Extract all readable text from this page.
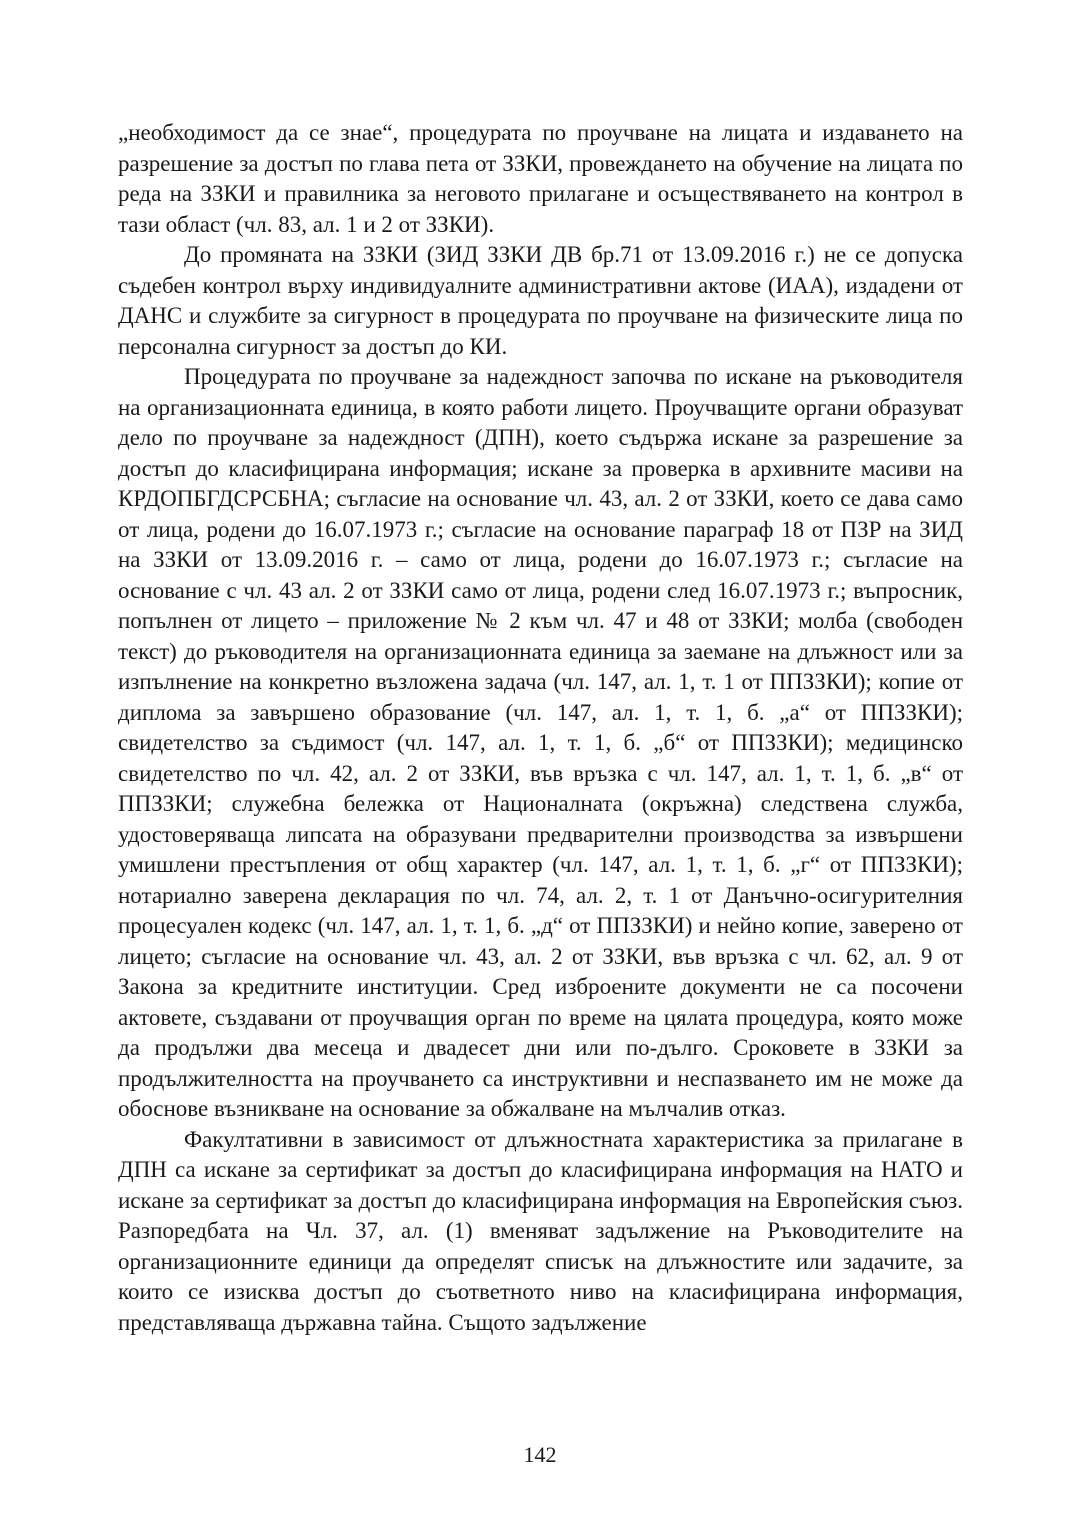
„необходимост да се знае“, процедурата по проучване на лицата и издаването на разрешение за достъп по глава пета от ЗЗКИ, провеждането на обучение на лицата по реда на ЗЗКИ и правилника за неговото прилагане и осъществяването на контрол в тази област (чл. 83, ал. 1 и 2 от ЗЗКИ).

До промяната на ЗЗКИ (ЗИД ЗЗКИ ДВ бр.71 от 13.09.2016 г.) не се допуска съдебен контрол върху индивидуалните административни актове (ИАА), издадени от ДАНС и службите за сигурност в процедурата по проучване на физическите лица по персонална сигурност за достъп до КИ.

Процедурата по проучване за надеждност започва по искане на ръководителя на организационната единица, в която работи лицето. Проучващите органи образуват дело по проучване за надеждност (ДПН), което съдържа искане за разрешение за достъп до класифицирана информация; искане за проверка в архивните масиви на КРДОПБГДСРСБНА; съгласие на основание чл. 43, ал. 2 от ЗЗКИ, което се дава само от лица, родени до 16.07.1973 г.; съгласие на основание параграф 18 от ПЗР на ЗИД на ЗЗКИ от 13.09.2016 г. – само от лица, родени до 16.07.1973 г.; съгласие на основание с чл. 43 ал. 2 от ЗЗКИ само от лица, родени след 16.07.1973 г.; въпросник, попълнен от лицето – приложение № 2 към чл. 47 и 48 от ЗЗКИ; молба (свободен текст) до ръководителя на организационната единица за заемане на длъжност или за изпълнение на конкретно възложена задача (чл. 147, ал. 1, т. 1 от ППЗЗКИ); копие от диплома за завършено образование (чл. 147, ал. 1, т. 1, б. „а“ от ППЗЗКИ); свидетелство за съдимост (чл. 147, ал. 1, т. 1, б. „б“ от ППЗЗКИ); медицинско свидетелство по чл. 42, ал. 2 от ЗЗКИ, във връзка с чл. 147, ал. 1, т. 1, б. „в“ от ППЗЗКИ; служебна бележка от Националната (окръжна) следствена служба, удостоверяваща липсата на образувани предварителни производства за извършени умишлени престъпления от общ характер (чл. 147, ал. 1, т. 1, б. „г“ от ППЗЗКИ); нотариално заверена декларация по чл. 74, ал. 2, т. 1 от Данъчно-осигурителния процесуален кодекс (чл. 147, ал. 1, т. 1, б. „д“ от ППЗЗКИ) и нейно копие, заверено от лицето; съгласие на основание чл. 43, ал. 2 от ЗЗКИ, във връзка с чл. 62, ал. 9 от Закона за кредитните институции. Сред изброените документи не са посочени актовете, създавани от проучващия орган по време на цялата процедура, която може да продължи два месеца и двадесет дни или по-дълго. Сроковете в ЗЗКИ за продължителността на проучването са инструктивни и неспазването им не може да обоснове възникване на основание за обжалване на мълчалив отказ.

Факултативни в зависимост от длъжностната характеристика за прилагане в ДПН са искане за сертификат за достъп до класифицирана информация на НАТО и искане за сертификат за достъп до класифицирана информация на Европейския съюз. Разпоредбата на Чл. 37, ал. (1) вменяват задължение на Ръководителите на организационните единици да определят списък на длъжностите или задачите, за които се изисква достъп до съответното ниво на класифицирана информация, представляваща държавна тайна. Същото задължение

142
